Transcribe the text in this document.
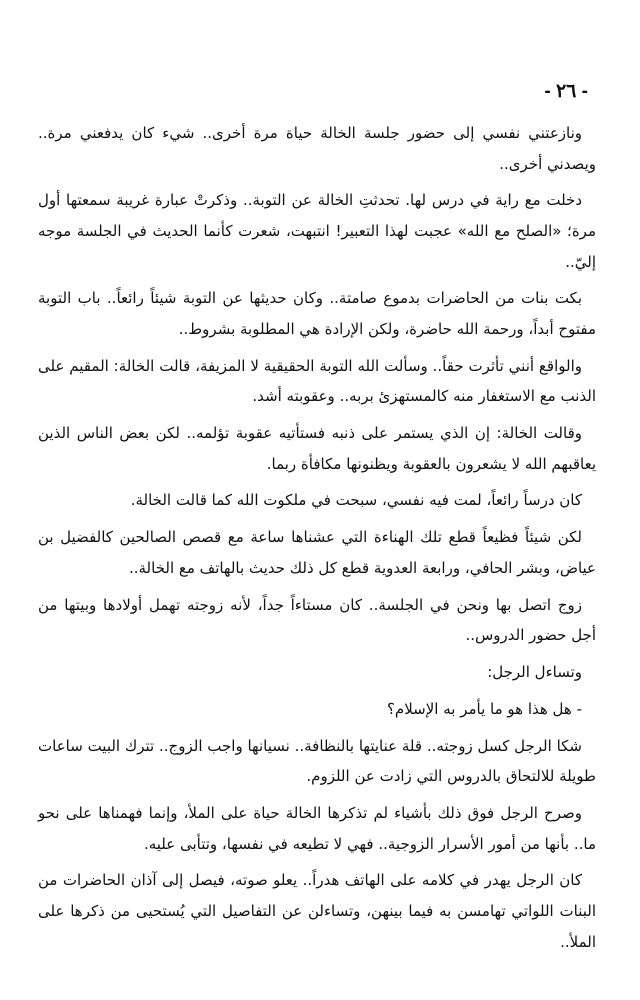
- ٢٦ -

ونازعتني نفسي إلى حضور جلسة الخالة حياة مرة أخرى.. شيء كان يدفعني مرة.. ويصدني أخرى..

دخلت مع راية في درس لها. تحدثتِ الخالة عن التوبة.. وذكرتْ عبارة غريبة سمعتها أول مرة؛ «الصلح مع الله» عجبت لهذا التعبير! انتبهت، شعرت كأنما الحديث في الجلسة موجه إليّ..

بكت بنات من الحاضرات بدموع صامتة.. وكان حديثها عن التوبة شيئاً رائعاً.. باب التوبة مفتوح أبداً، ورحمة الله حاضرة، ولكن الإرادة هي المطلوبة بشروط..

والواقع أنني تأثرت حقاً.. وسألت الله التوبة الحقيقية لا المزيفة، قالت الخالة: المقيم على الذنب مع الاستغفار منه كالمستهزئ بربه.. وعقوبته أشد.

وقالت الخالة: إن الذي يستمر على ذنبه فستأتيه عقوبة تؤلمه.. لكن بعض الناس الذين يعاقبهم الله لا يشعرون بالعقوبة ويظنونها مكافأة ربما.

كان درساً رائعاً، لمت فيه نفسي، سبحت في ملكوت الله كما قالت الخالة.

لكن شيئاً فظيعاً قطع تلك الهناءة التي عشناها ساعة مع قصص الصالحين كالفضيل بن عياض، وبشر الحافي، ورابعة العدوية قطع كل ذلك حديث بالهاتف مع الخالة..

زوج اتصل بها ونحن في الجلسة.. كان مستاءاً جداً، لأنه زوجته تهمل أولادها وبيتها من أجل حضور الدروس..

وتساءل الرجل:

- هل هذا هو ما يأمر به الإسلام؟

شكا الرجل كسل زوجته.. قلة عنايتها بالنظافة.. نسيانها واجب الزوج.. تترك البيت ساعات طويلة للالتحاق بالدروس التي زادت عن اللزوم.

وصرح الرجل فوق ذلك بأشياء لم تذكرها الخالة حياة على الملأ، وإنما فهمناها على نحو ما.. بأنها من أمور الأسرار الزوجية.. فهي لا تطيعه في نفسها، وتتأبى عليه.

كان الرجل يهدر في كلامه على الهاتف هدراً.. يعلو صوته، فيصل إلى آذان الحاضرات من البنات اللواتي تهامسن به فيما بينهن، وتساءلن عن التفاصيل التي يُستحيى من ذكرها على الملأ..
